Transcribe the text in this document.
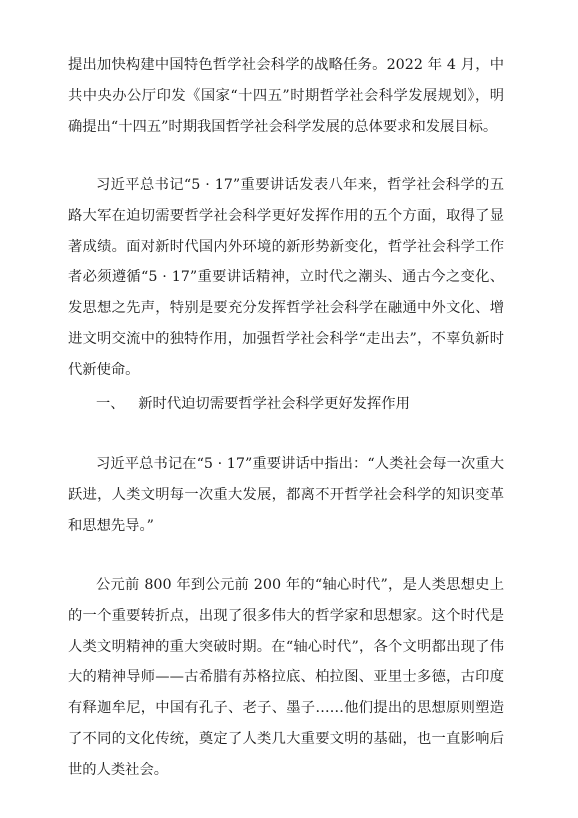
提出加快构建中国特色哲学社会科学的战略任务。2022 年 4 月，中共中央办公厅印发《国家“十四五”时期哲学社会科学发展规划》，明确提出“十四五”时期我国哲学社会科学发展的总体要求和发展目标。

习近平总书记“5 · 17”重要讲话发表八年来，哲学社会科学的五路大军在迫切需要哲学社会科学更好发挥作用的五个方面，取得了显著成绩。面对新时代国内外环境的新形势新变化，哲学社会科学工作者必须遵循“5 · 17”重要讲话精神，立时代之潮头、通古今之变化、发思想之先声，特别是要充分发挥哲学社会科学在融通中外文化、增进文明交流中的独特作用，加强哲学社会科学“走出去”，不辜负新时代新使命。

一、   新时代迫切需要哲学社会科学更好发挥作用

习近平总书记在“5 · 17”重要讲话中指出：“人类社会每一次重大跃进，人类文明每一次重大发展，都离不开哲学社会科学的知识变革和思想先导。”

公元前 800 年到公元前 200 年的“轴心时代”，是人类思想史上的一个重要转折点，出现了很多伟大的哲学家和思想家。这个时代是人类文明精神的重大突破时期。在“轴心时代”，各个文明都出现了伟大的精神导师——古希腊有苏格拉底、柏拉图、亚里士多德，古印度有释迦牟尼，中国有孔子、老子、墨子……他们提出的思想原则塑造了不同的文化传统，奠定了人类几大重要文明的基础，也一直影响后世的人类社会。
